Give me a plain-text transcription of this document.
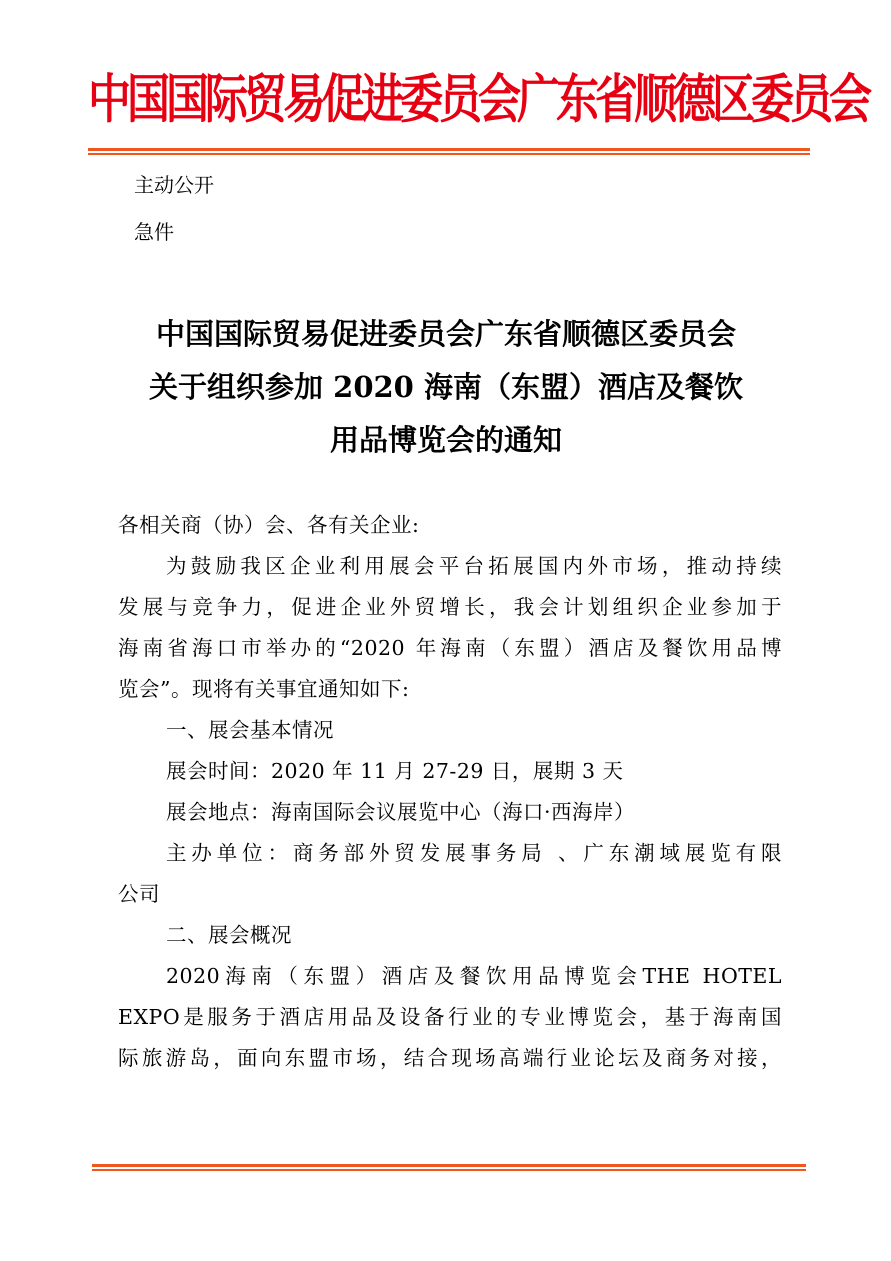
中国国际贸易促进委员会广东省顺德区委员会
主动公开
急件
中国国际贸易促进委员会广东省顺德区委员会
关于组织参加 2020 海南（东盟）酒店及餐饮
用品博览会的通知
各相关商（协）会、各有关企业:
为鼓励我区企业利用展会平台拓展国内外市场，推动持续
发展与竞争力，促进企业外贸增长，我会计划组织企业参加于
海南省海口市举办的“2020 年海南（东盟）酒店及餐饮用品博
览会”。现将有关事宜通知如下:
一、展会基本情况
展会时间：2020 年 11 月 27-29 日，展期 3 天
展会地点：海南国际会议展览中心（海口·西海岸）
主办单位：商务部外贸发展事务局 、广东潮域展览有限
公司
二、展会概况
2020海南（东盟）酒店及餐饮用品博览会THE HOTEL
EXPO是服务于酒店用品及设备行业的专业博览会，基于海南国
际旅游岛，面向东盟市场，结合现场高端行业论坛及商务对接，
